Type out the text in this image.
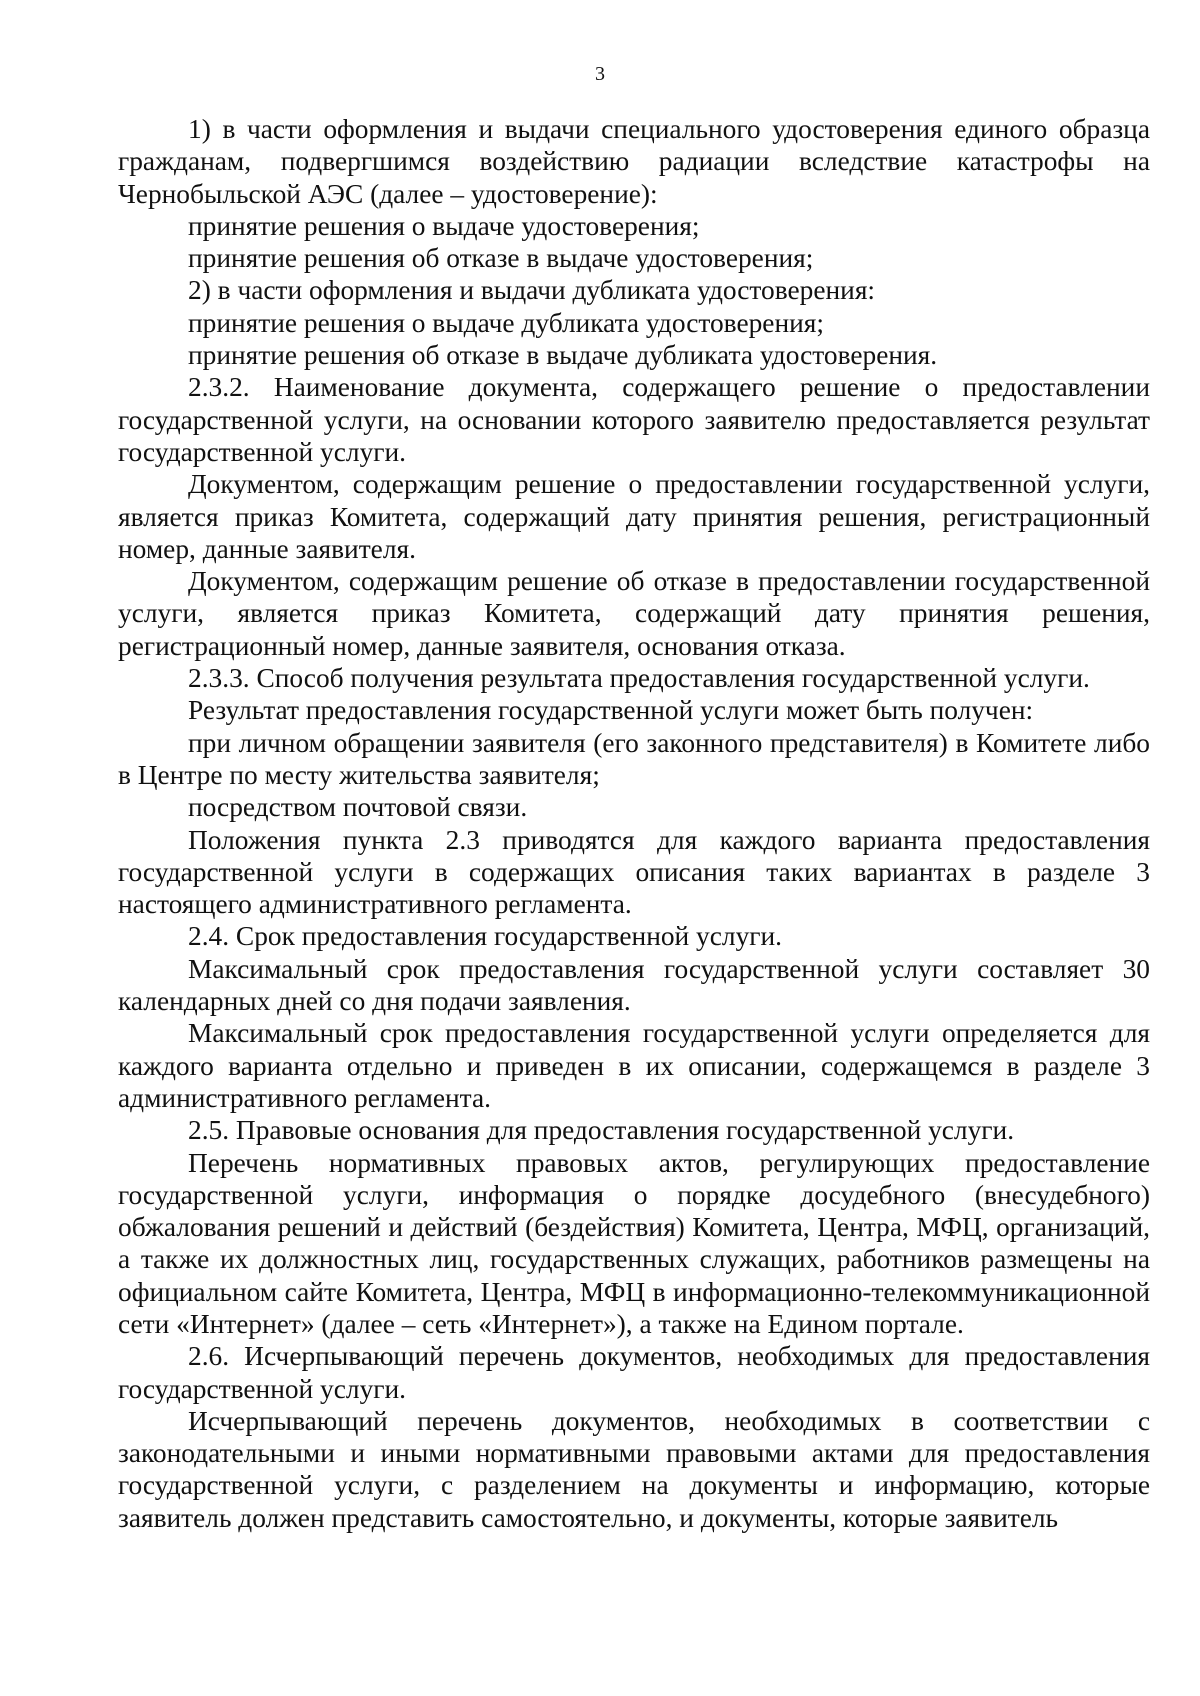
3

1) в части оформления и выдачи специального удостоверения единого образца гражданам, подвергшимся воздействию радиации вследствие катастрофы на Чернобыльской АЭС (далее – удостоверение):

принятие решения о выдаче удостоверения;

принятие решения об отказе в выдаче удостоверения;

2) в части оформления и выдачи дубликата удостоверения:

принятие решения о выдаче дубликата удостоверения;

принятие решения об отказе в выдаче дубликата удостоверения.

2.3.2. Наименование документа, содержащего решение о предоставлении государственной услуги, на основании которого заявителю предоставляется результат государственной услуги.

Документом, содержащим решение о предоставлении государственной услуги, является приказ Комитета, содержащий дату принятия решения, регистрационный номер, данные заявителя.

Документом, содержащим решение об отказе в предоставлении государственной услуги, является приказ Комитета, содержащий дату принятия решения, регистрационный номер, данные заявителя, основания отказа.

2.3.3. Способ получения результата предоставления государственной услуги.

Результат предоставления государственной услуги может быть получен:

при личном обращении заявителя (его законного представителя) в Комитете либо в Центре по месту жительства заявителя;

посредством почтовой связи.

Положения пункта 2.3 приводятся для каждого варианта предоставления государственной услуги в содержащих описания таких вариантах в разделе 3 настоящего административного регламента.

2.4. Срок предоставления государственной услуги.

Максимальный срок предоставления государственной услуги составляет 30 календарных дней со дня подачи заявления.

Максимальный срок предоставления государственной услуги определяется для каждого варианта отдельно и приведен в их описании, содержащемся в разделе 3 административного регламента.

2.5. Правовые основания для предоставления государственной услуги.

Перечень нормативных правовых актов, регулирующих предоставление государственной услуги, информация о порядке досудебного (внесудебного) обжалования решений и действий (бездействия) Комитета, Центра, МФЦ, организаций, а также их должностных лиц, государственных служащих, работников размещены на официальном сайте Комитета, Центра, МФЦ в информационно-телекоммуникационной сети «Интернет» (далее – сеть «Интернет»), а также на Едином портале.

2.6. Исчерпывающий перечень документов, необходимых для предоставления государственной услуги.

Исчерпывающий перечень документов, необходимых в соответствии с законодательными и иными нормативными правовыми актами для предоставления государственной услуги, с разделением на документы и информацию, которые заявитель должен представить самостоятельно, и документы, которые заявитель
